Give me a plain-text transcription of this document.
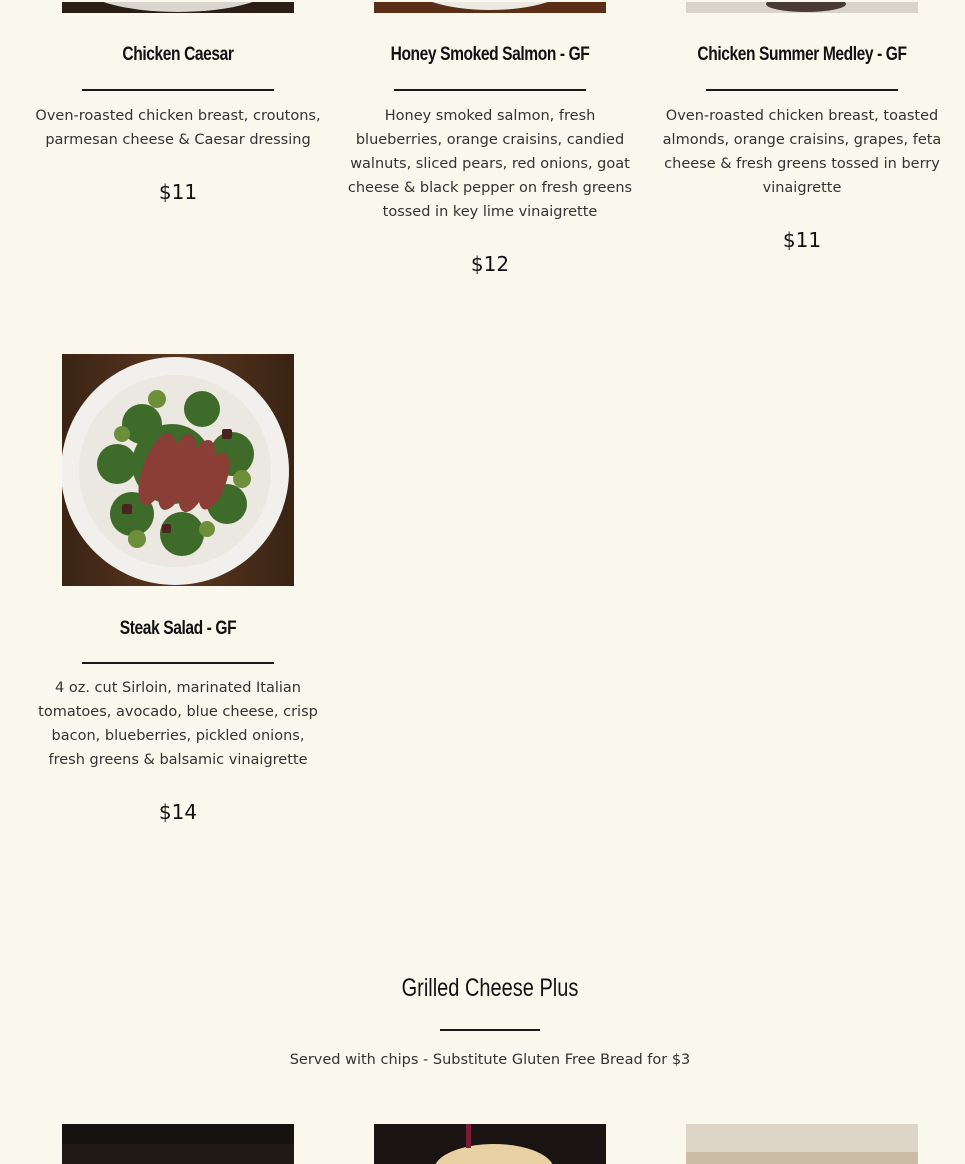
Chicken Caesar
Oven-roasted chicken breast, croutons, parmesan cheese & Caesar dressing
$11
Honey Smoked Salmon - GF
Honey smoked salmon, fresh blueberries, orange craisins, candied walnuts, sliced pears, red onions, goat cheese & black pepper on fresh greens tossed in key lime vinaigrette
$12
Chicken Summer Medley - GF
Oven-roasted chicken breast, toasted almonds, orange craisins, grapes, feta cheese & fresh greens tossed in berry vinaigrette
$11
Steak Salad - GF
4 oz. cut Sirloin, marinated Italian tomatoes, avocado, blue cheese, crisp bacon, blueberries, pickled onions, fresh greens & balsamic vinaigrette
$14
Grilled Cheese Plus
Served with chips - Substitute Gluten Free Bread for $3
